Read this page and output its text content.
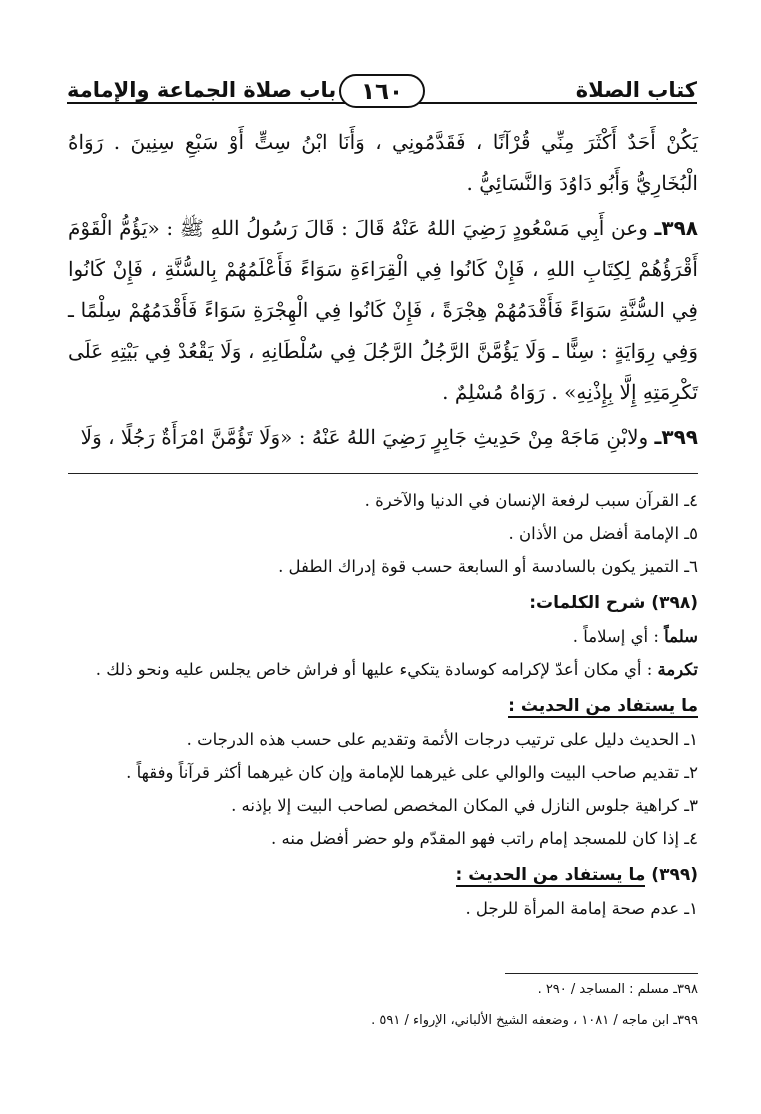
كتاب الصلاة
١٦٠
باب صلاة الجماعة والإمامة

يَكُنْ أَحَدٌ أَكْثَرَ مِنِّي قُرْآنًا ، فَقَدَّمُونِي ، وَأَنَا ابْنُ سِتٍّ أَوْ سَبْعِ سِنِينَ . رَوَاهُ الْبُخَارِيُّ وَأَبُو دَاوُدَ وَالنَّسَائِيُّ .

٣٩٨ـ وعن أَبِي مَسْعُودٍ رَضِيَ اللهُ عَنْهُ قَالَ : قَالَ رَسُولُ اللهِ ﷺ : «يَؤُمُّ الْقَوْمَ أَقْرَؤُهُمْ لِكِتَابِ اللهِ ، فَإِنْ كَانُوا فِي الْقِرَاءَةِ سَوَاءً فَأَعْلَمُهُمْ بِالسُّنَّةِ ، فَإِنْ كَانُوا فِي السُّنَّةِ سَوَاءً فَأَقْدَمُهُمْ هِجْرَةً ، فَإِنْ كَانُوا فِي الْهِجْرَةِ سَوَاءً فَأَقْدَمُهُمْ سِلْمًا ـ وَفِي رِوَايَةٍ : سِنًّا ـ وَلَا يَؤُمَّنَّ الرَّجُلُ الرَّجُلَ فِي سُلْطَانِهِ ، وَلَا يَقْعُدْ فِي بَيْتِهِ عَلَى تَكْرِمَتِهِ إِلَّا بِإِذْنِهِ» . رَوَاهُ مُسْلِمٌ .

٣٩٩ـ ولابْنِ مَاجَهْ مِنْ حَدِيثِ جَابِرٍ رَضِيَ اللهُ عَنْهُ : «وَلَا تَؤُمَّنَّ امْرَأَةٌ رَجُلًا ، وَلَا

٤ـ القرآن سبب لرفعة الإنسان في الدنيا والآخرة .
٥ـ الإمامة أفضل من الأذان .
٦ـ التميز يكون بالسادسة أو السابعة حسب قوة إدراك الطفل .
(٣٩٨) شرح الكلمات:
سلماً : أي إسلاماً .
تكرمة : أي مكان أعدّ لإكرامه كوسادة يتكيء عليها أو فراش خاص يجلس عليه ونحو ذلك .
ما يستفاد من الحديث :
١ـ الحديث دليل على ترتيب درجات الأئمة وتقديم على حسب هذه الدرجات .
٢ـ تقديم صاحب البيت والوالي على غيرهما للإمامة وإن كان غيرهما أكثر قرآناً وفقهاً .
٣ـ كراهية جلوس النازل في المكان المخصص لصاحب البيت إلا بإذنه .
٤ـ إذا كان للمسجد إمام راتب فهو المقدّم ولو حضر أفضل منه .
(٣٩٩) ما يستفاد من الحديث :
١ـ عدم صحة إمامة المرأة للرجل .
٣٩٨ـ مسلم : المساجد / ٢٩٠ .
٣٩٩ـ ابن ماجه / ١٠٨١ ، وضعفه الشيخ الألباني، الإرواء / ٥٩١ .
